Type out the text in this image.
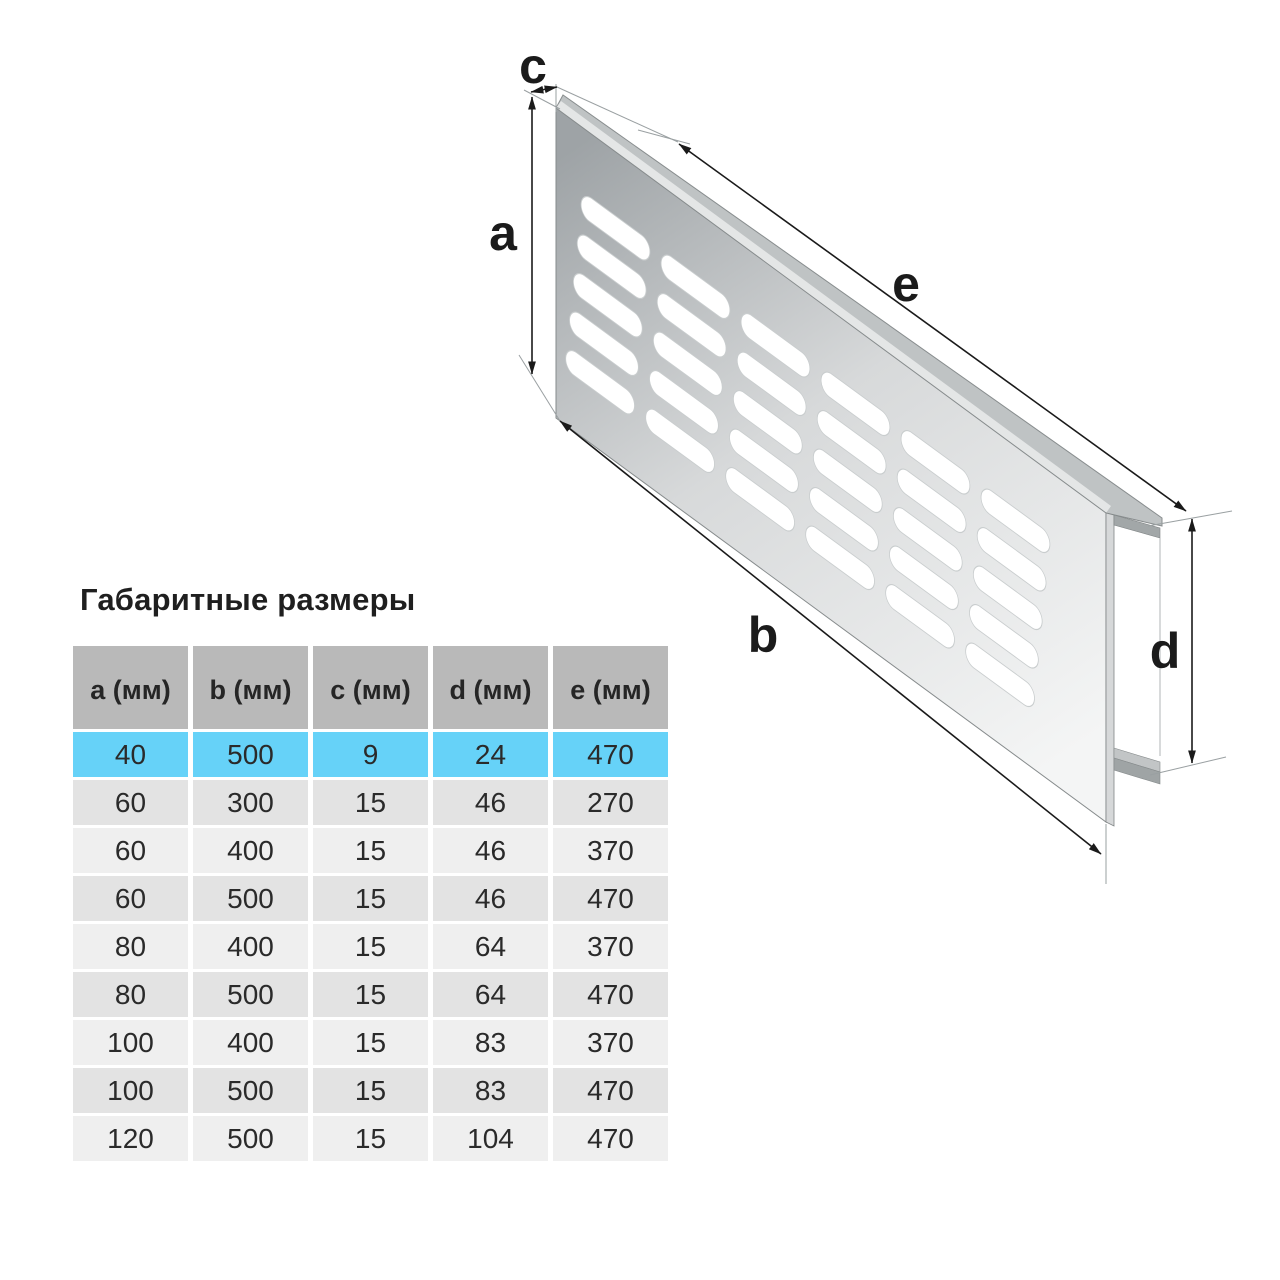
c
a
e
b	d
Габаритные размеры
a (мм)	b (мм)	c (мм)	d (мм)	e (мм)
40	500	9	24	470
60	300	15	46	270
60	400	15	46	370
60	500	15	46	470
80	400	15	64	370
80	500	15	64	470
100	400	15	83	370
100	500	15	83	470
120	500	15	104	470
